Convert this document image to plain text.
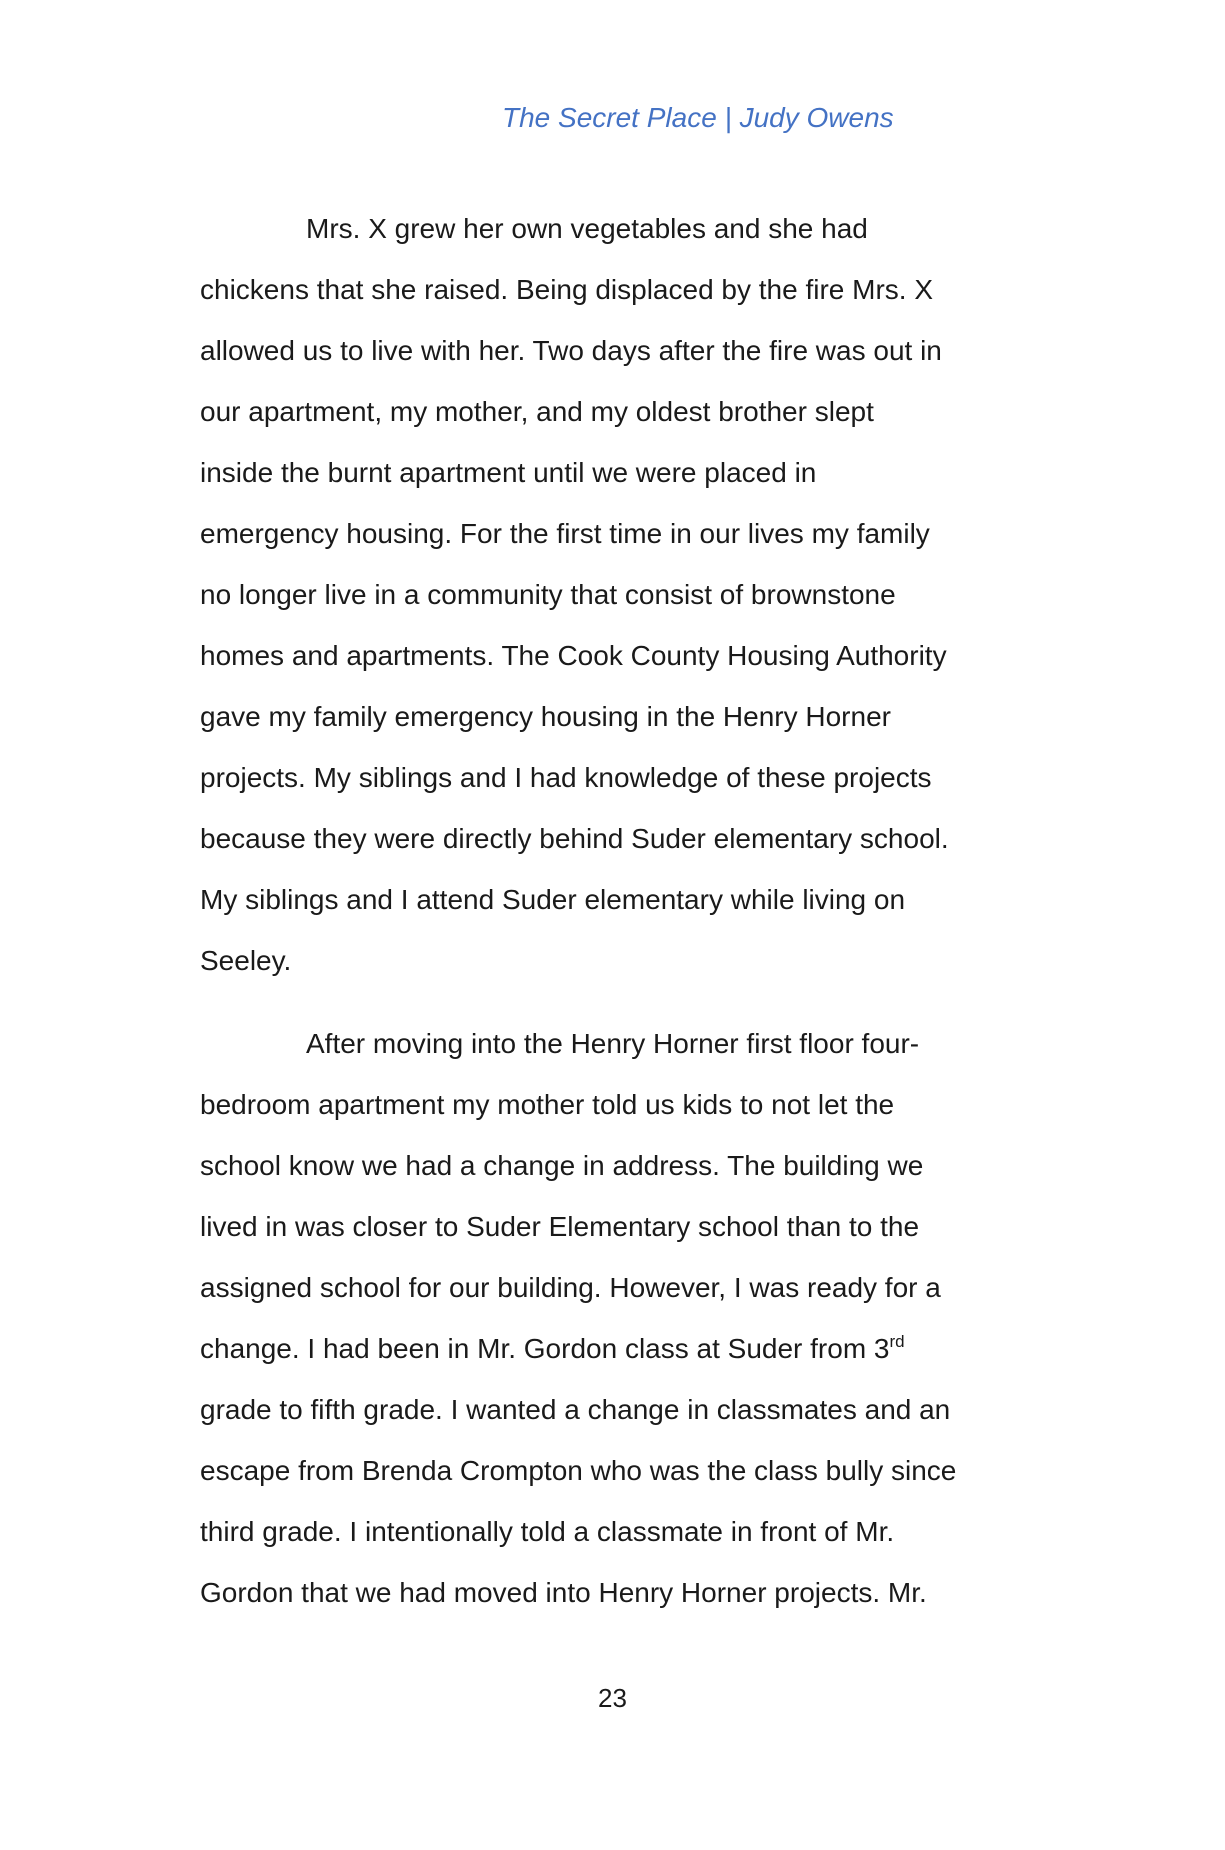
The Secret Place | Judy Owens

Mrs. X grew her own vegetables and she had
chickens that she raised. Being displaced by the fire Mrs. X
allowed us to live with her. Two days after the fire was out in
our apartment, my mother, and my oldest brother slept
inside the burnt apartment until we were placed in
emergency housing. For the first time in our lives my family
no longer live in a community that consist of brownstone
homes and apartments. The Cook County Housing Authority
gave my family emergency housing in the Henry Horner
projects. My siblings and I had knowledge of these projects
because they were directly behind Suder elementary school.
My siblings and I attend Suder elementary while living on
Seeley.

After moving into the Henry Horner first floor four-
bedroom apartment my mother told us kids to not let the
school know we had a change in address. The building we
lived in was closer to Suder Elementary school than to the
assigned school for our building. However, I was ready for a
change. I had been in Mr. Gordon class at Suder from 3rd
grade to fifth grade. I wanted a change in classmates and an
escape from Brenda Crompton who was the class bully since
third grade. I intentionally told a classmate in front of Mr.
Gordon that we had moved into Henry Horner projects. Mr.

23
